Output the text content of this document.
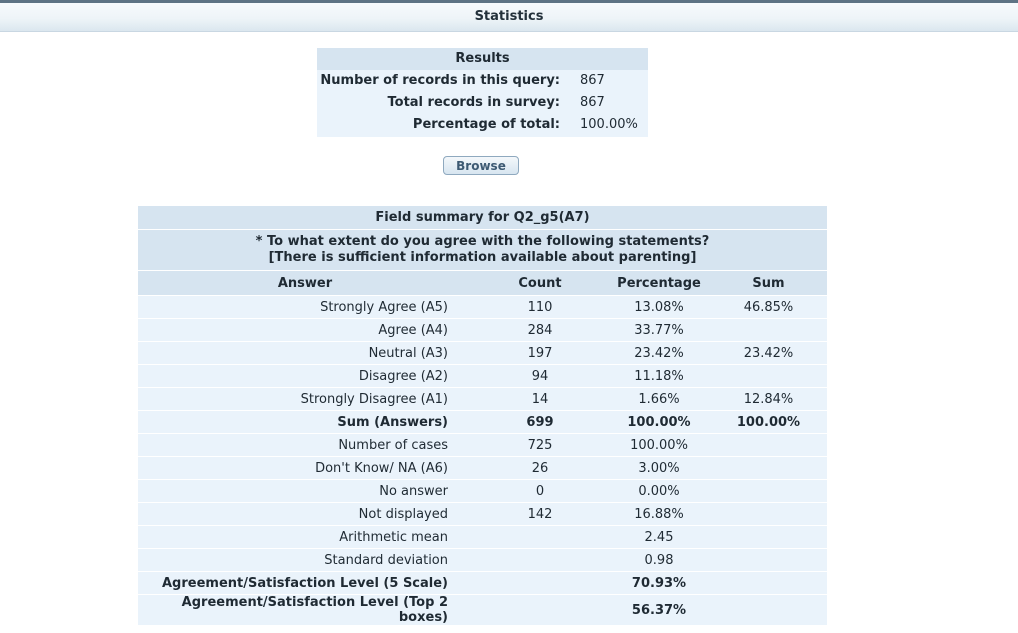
Statistics
Results
Number of records in this query: 867
Total records in survey: 867
Percentage of total: 100.00%
Browse
Field summary for Q2_g5(A7)			

* To what extent do you agree with the following statements?
[There is sufficient information available about parenting]			

Answer	Count	Percentage	Sum
Strongly Agree (A5)	110	13.08%	46.85%
Agree (A4)	284	33.77%	
Neutral (A3)	197	23.42%	23.42%
Disagree (A2)	94	11.18%	
Strongly Disagree (A1)	14	1.66%	12.84%
Sum (Answers)	699	100.00%	100.00%
Number of cases	725	100.00%	
Don't Know/ NA (A6)	26	3.00%	
No answer	0	0.00%	
Not displayed	142	16.88%	
Arithmetic mean		2.45	
Standard deviation		0.98	
Agreement/Satisfaction Level (5 Scale)		70.93%	
Agreement/Satisfaction Level (Top 2 boxes)		56.37%	
